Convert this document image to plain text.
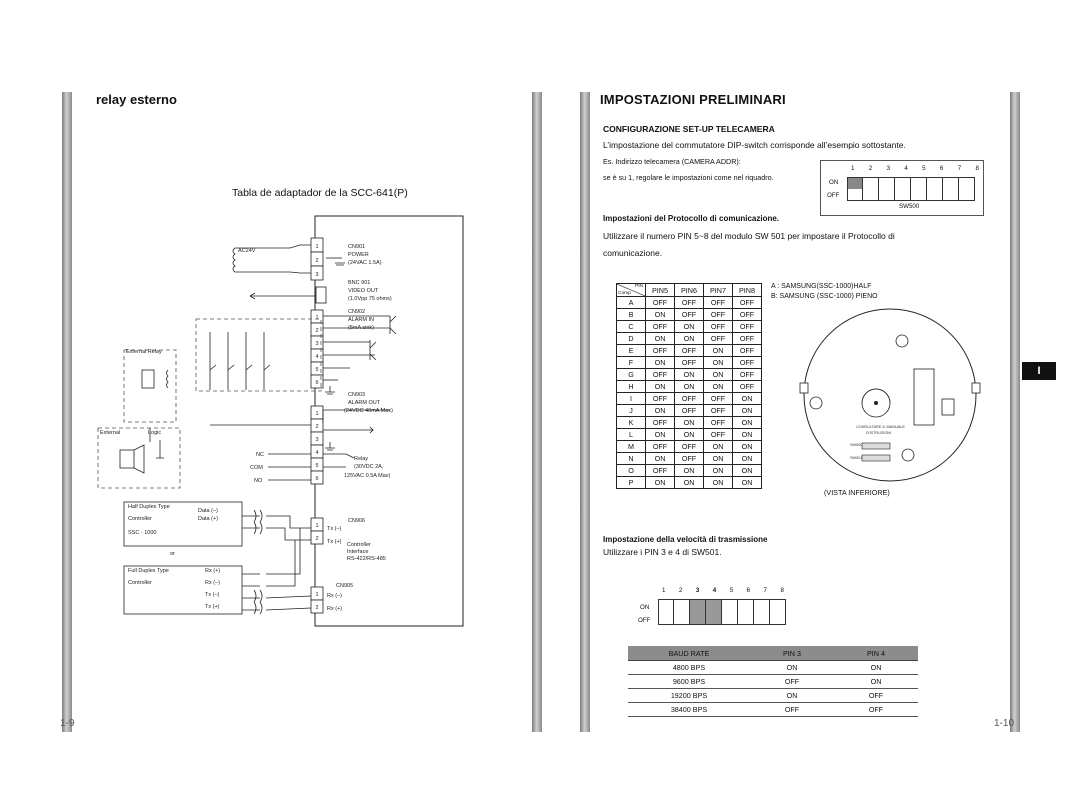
relay esterno
Tabla de adaptador de la SCC-641(P)
1
2
3
1
2
3
4
5
6
1
2
3
4
5
6
1
2
1
2
AC24V
CN901
POWER
(24VAC 1.5A)
BNC 901
VIDEO OUT
(1.0Vpp 75 ohms)
CN902
ALARM IN
(5mA sink)
External Relay
CN903
ALARM OUT
(24VDC 40mA Max)
External	Logic
NC
COM
NO
Relay
(30VDC 2A,
125VAC 0.5A Max)
Half Duplex Type
Controller
SSC - 1000
Data (–)
Data (+)	CN906
Tx (–)
Tx (+) Controller
Interface
RS-422/RS-485
or
Full Duplex Type
Controller
Rx (+)
Rx (–)
Tx (–)
Tx (+)
CN905
Rx (–)
Rx (+)
1-9
IMPOSTAZIONI PRELIMINARI
CONFIGURAZIONE SET-UP TELECAMERA
L’impostazione del commutatore DIP-switch corrisponde all’esempio sottostante.
Es. Indirizzo telecamera (CAMERA ADDR):
se è su 1, regolare le impostazioni come nel riquadro.
1 2 3 4 5 6 7 8
ON
OFF
SW500
Impostazioni del Protocollo di comunicazione.
Utilizzare il numero PIN 5~8 del modulo SW 501 per impostare il Protocollo di
comunicazione.
PIN
Comp	PIN5	PIN6	PIN7	PIN8
A	OFF	OFF	OFF	OFF
B	ON	OFF	OFF	OFF
C	OFF	ON	OFF	OFF
D	ON	ON	OFF	OFF
E	OFF	OFF	ON	OFF
F	ON	OFF	ON	OFF
G	OFF	ON	ON	OFF
H	ON	ON	ON	OFF
I	OFF	OFF	OFF	ON
J	ON	OFF	OFF	ON
K	OFF	ON	OFF	ON
L	ON	ON	OFF	ON
M	OFF	OFF	ON	ON
N	ON	OFF	ON	ON
O	OFF	ON	ON	ON
P	ON	ON	ON	ON
A : SAMSUNG(SSC-1000)HALF
B: SAMSUNG (SSC-1000) PIENO
SW500
SW501
CONSULTARE IL MANUALE
D'ISTRUZIONI
(VISTA INFERIORE)
Impostazione della velocità di trasmissione
Utilizzare i PIN 3 e 4 di SW501.
1 2 3 4 5 6 7 8
ON
OFF
BAUD RATE	PIN 3	PIN 4
4800 BPS	ON	ON
9600 BPS	OFF	ON
19200 BPS	ON	OFF
38400 BPS	OFF	OFF
I
1-10
